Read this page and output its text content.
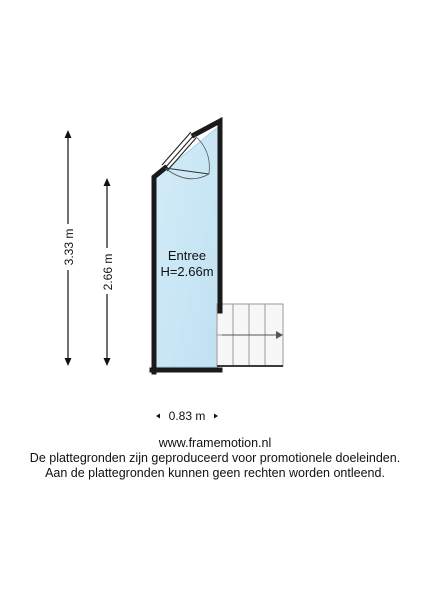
3.33 m
2.66 m	Entree
H=2.66m
0.83 m
www.framemotion.nl
De plattegronden zijn geproduceerd voor promotionele doeleinden.
Aan de plattegronden kunnen geen rechten worden ontleend.
